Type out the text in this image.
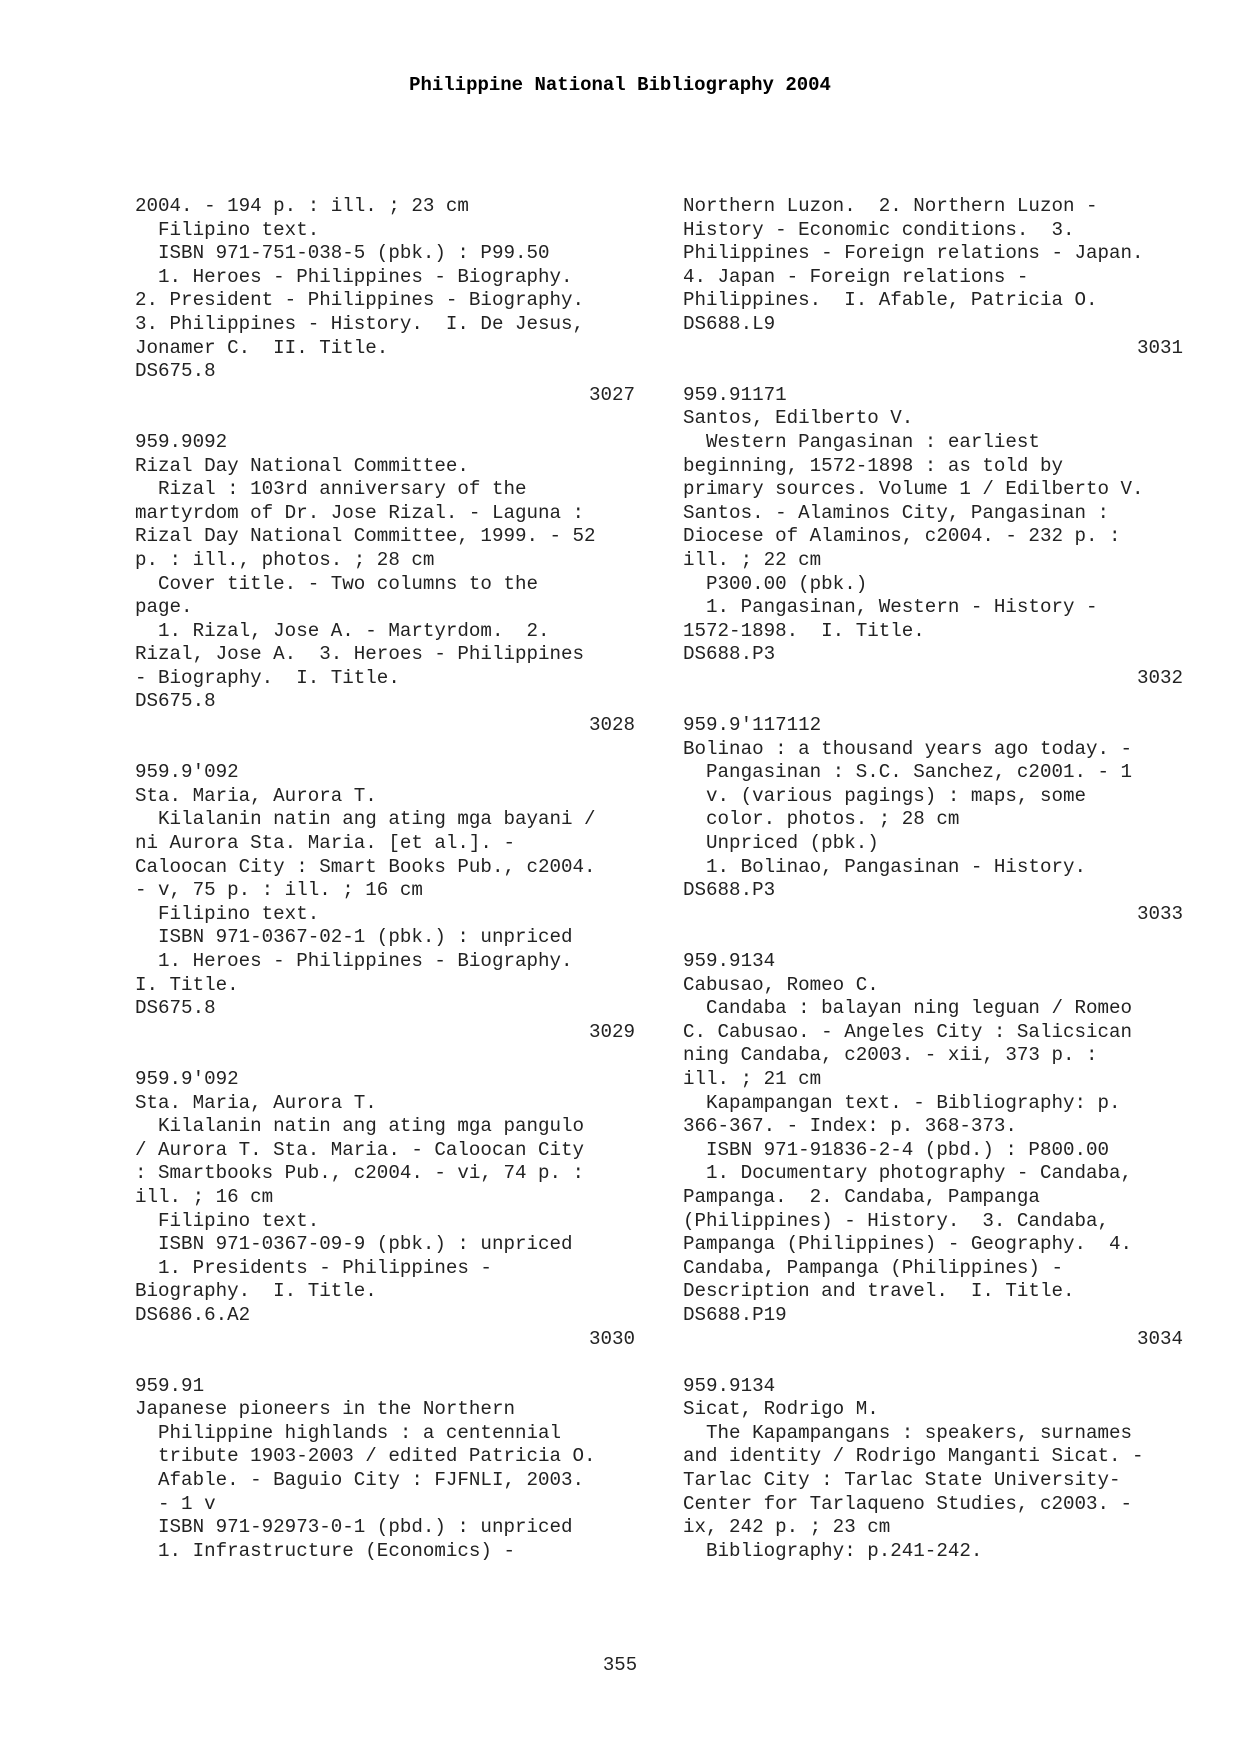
Philippine National Bibliography 2004
2004. - 194 p. : ill. ; 23 cm
Filipino text.
ISBN 971-751-038-5 (pbk.) : P99.50
1. Heroes - Philippines - Biography.
2. President - Philippines - Biography.
3. Philippines - History.  I. De Jesus,
Jonamer C.  II. Title.
DS675.8
3027
959.9092
Rizal Day National Committee.
Rizal : 103rd anniversary of the
martyrdom of Dr. Jose Rizal. - Laguna :
Rizal Day National Committee, 1999. - 52
p. : ill., photos. ; 28 cm
Cover title. - Two columns to the
page.
1. Rizal, Jose A. - Martyrdom.  2.
Rizal, Jose A.  3. Heroes - Philippines
- Biography.  I. Title.
DS675.8
3028
959.9'092
Sta. Maria, Aurora T.
Kilalanin natin ang ating mga bayani /
ni Aurora Sta. Maria. [et al.]. -
Caloocan City : Smart Books Pub., c2004.
- v, 75 p. : ill. ; 16 cm
Filipino text.
ISBN 971-0367-02-1 (pbk.) : unpriced
1. Heroes - Philippines - Biography.
I. Title.
DS675.8
3029
959.9'092
Sta. Maria, Aurora T.
Kilalanin natin ang ating mga pangulo
/ Aurora T. Sta. Maria. - Caloocan City
: Smartbooks Pub., c2004. - vi, 74 p. :
ill. ; 16 cm
Filipino text.
ISBN 971-0367-09-9 (pbk.) : unpriced
1. Presidents - Philippines -
Biography.  I. Title.
DS686.6.A2
3030
959.91
Japanese pioneers in the Northern
Philippine highlands : a centennial
tribute 1903-2003 / edited Patricia O.
Afable. - Baguio City : FJFNLI, 2003.
- 1 v
ISBN 971-92973-0-1 (pbd.) : unpriced
1. Infrastructure (Economics) -
Northern Luzon.  2. Northern Luzon -
History - Economic conditions.  3.
Philippines - Foreign relations - Japan.
4. Japan - Foreign relations -
Philippines.  I. Afable, Patricia O.
DS688.L9
3031
959.91171
Santos, Edilberto V.
Western Pangasinan : earliest
beginning, 1572-1898 : as told by
primary sources. Volume 1 / Edilberto V.
Santos. - Alaminos City, Pangasinan :
Diocese of Alaminos, c2004. - 232 p. :
ill. ; 22 cm
P300.00 (pbk.)
1. Pangasinan, Western - History -
1572-1898.  I. Title.
DS688.P3
3032
959.9'117112
Bolinao : a thousand years ago today. -
Pangasinan : S.C. Sanchez, c2001. - 1
v. (various pagings) : maps, some
color. photos. ; 28 cm
Unpriced (pbk.)
1. Bolinao, Pangasinan - History.
DS688.P3
3033
959.9134
Cabusao, Romeo C.
Candaba : balayan ning leguan / Romeo
C. Cabusao. - Angeles City : Salicsican
ning Candaba, c2003. - xii, 373 p. :
ill. ; 21 cm
Kapampangan text. - Bibliography: p.
366-367. - Index: p. 368-373.
ISBN 971-91836-2-4 (pbd.) : P800.00
1. Documentary photography - Candaba,
Pampanga.  2. Candaba, Pampanga
(Philippines) - History.  3. Candaba,
Pampanga (Philippines) - Geography.  4.
Candaba, Pampanga (Philippines) -
Description and travel.  I. Title.
DS688.P19
3034
959.9134
Sicat, Rodrigo M.
The Kapampangans : speakers, surnames
and identity / Rodrigo Manganti Sicat. -
Tarlac City : Tarlac State University-
Center for Tarlaqueno Studies, c2003. -
ix, 242 p. ; 23 cm
Bibliography: p.241-242.
355
